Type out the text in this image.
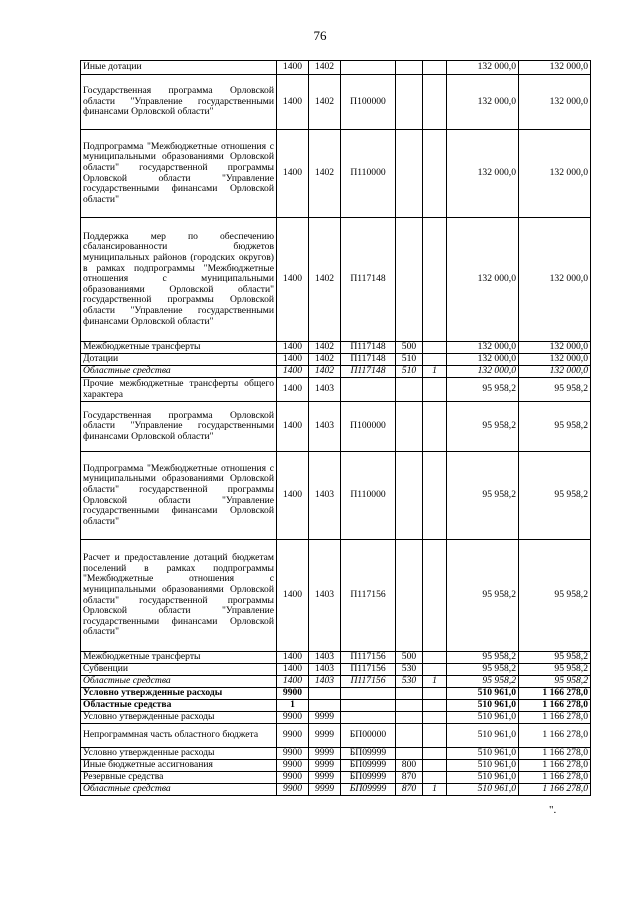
76
Иные дотации	1400	1402				132 000,0	132 000,0
Государственная программа Орловской области "Управление государственными финансами Орловской области"	1400	1402	П100000			132 000,0	132 000,0
Подпрограмма "Межбюджетные отношения с муниципальными образованиями Орловской области" государственной программы Орловской области "Управление государственными финансами Орловской области"	1400	1402	П110000			132 000,0	132 000,0
Поддержка мер по обеспечению сбалансированности бюджетов муниципальных районов (городских округов) в рамках подпрограммы "Межбюджетные отношения с муниципальными образованиями Орловской области" государственной программы Орловской области "Управление государственными финансами Орловской области"	1400	1402	П117148			132 000,0	132 000,0
Межбюджетные трансферты	1400	1402	П117148	500		132 000,0	132 000,0
Дотации	1400	1402	П117148	510		132 000,0	132 000,0
Областные средства	1400	1402	П117148	510	1	132 000,0	132 000,0
Прочие межбюджетные трансферты общего характера	1400	1403				95 958,2	95 958,2
Государственная программа Орловской области "Управление государственными финансами Орловской области"	1400	1403	П100000			95 958,2	95 958,2
Подпрограмма "Межбюджетные отношения с муниципальными образованиями Орловской области" государственной программы Орловской области "Управление государственными финансами Орловской области"	1400	1403	П110000			95 958,2	95 958,2
Расчет и предоставление дотаций бюджетам поселений в рамках подпрограммы "Межбюджетные отношения с муниципальными образованиями Орловской области" государственной программы Орловской области "Управление государственными финансами Орловской области"	1400	1403	П117156			95 958,2	95 958,2
Межбюджетные трансферты	1400	1403	П117156	500		95 958,2	95 958,2
Субвенции	1400	1403	П117156	530		95 958,2	95 958,2
Областные средства	1400	1403	П117156	530	1	95 958,2	95 958,2
Условно утвержденные расходы	9900					510 961,0	1 166 278,0
Областные средства	1					510 961,0	1 166 278,0
Условно утвержденные расходы	9900	9999				510 961,0	1 166 278,0
Непрограммная часть областного бюджета	9900	9999	БП00000			510 961,0	1 166 278,0
Условно утвержденные расходы	9900	9999	БП09999			510 961,0	1 166 278,0
Иные бюджетные ассигнования	9900	9999	БП09999	800		510 961,0	1 166 278,0
Резервные средства	9900	9999	БП09999	870		510 961,0	1 166 278,0
Областные средства	9900	9999	БП09999	870	1	510 961,0	1 166 278,0
".
